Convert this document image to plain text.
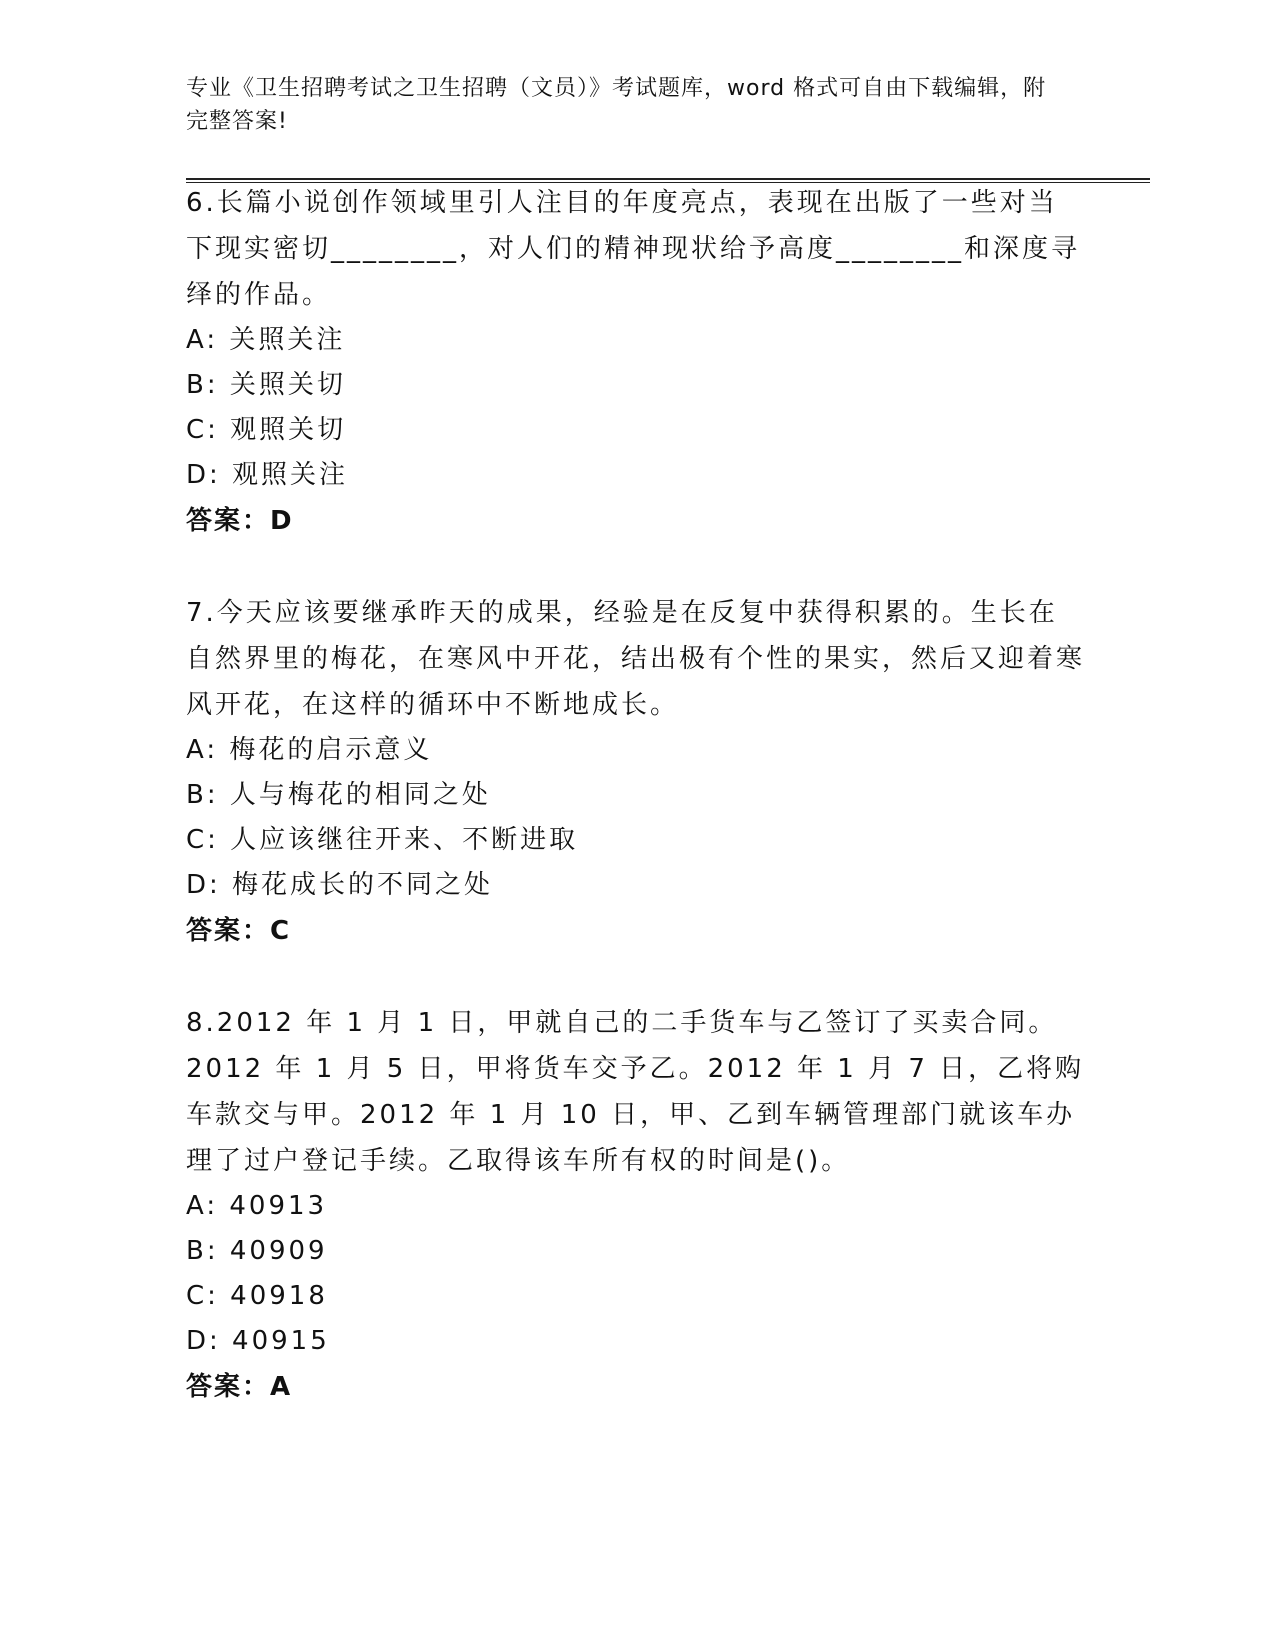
专业《卫生招聘考试之卫生招聘（文员）》考试题库，word 格式可自由下载编辑，附完整答案!

6.长篇小说创作领域里引人注目的年度亮点，表现在出版了一些对当下现实密切________，对人们的精神现状给予高度________和深度寻绎的作品。

A: 关照关注

B: 关照关切

C: 观照关切

D: 观照关注

答案：D

7.今天应该要继承昨天的成果，经验是在反复中获得积累的。生长在自然界里的梅花，在寒风中开花，结出极有个性的果实，然后又迎着寒风开花，在这样的循环中不断地成长。

A: 梅花的启示意义

B: 人与梅花的相同之处

C: 人应该继往开来、不断进取

D: 梅花成长的不同之处

答案：C

8.2012 年 1 月 1 日，甲就自己的二手货车与乙签订了买卖合同。2012 年 1 月 5 日，甲将货车交予乙。2012 年 1 月 7 日，乙将购车款交与甲。2012 年 1 月 10 日，甲、乙到车辆管理部门就该车办理了过户登记手续。乙取得该车所有权的时间是()。

A: 40913

B: 40909

C: 40918

D: 40915

答案：A
